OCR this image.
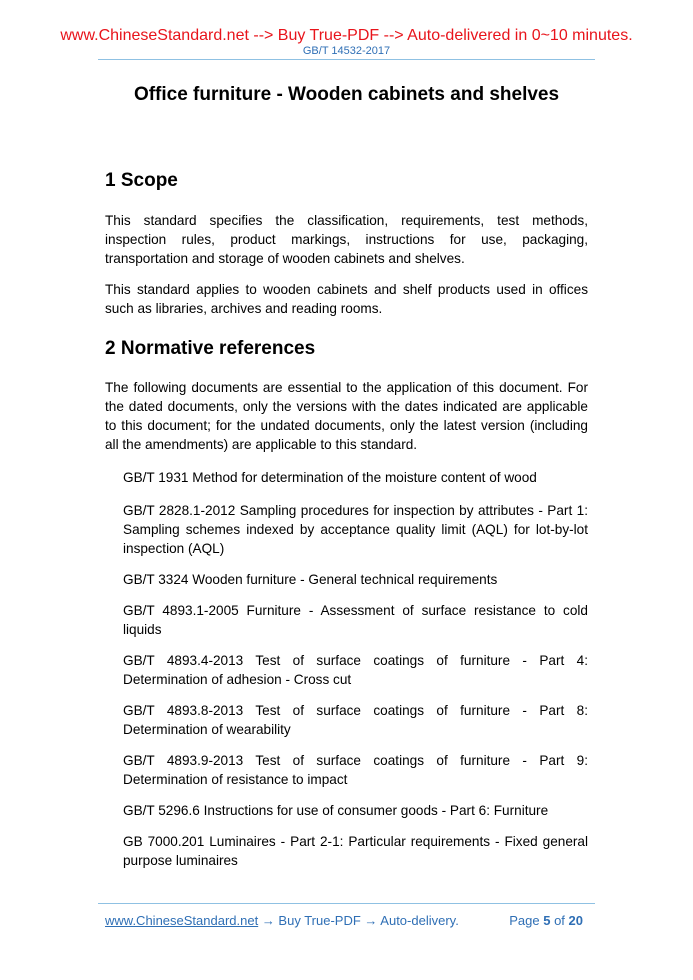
www.ChineseStandard.net --> Buy True-PDF --> Auto-delivered in 0~10 minutes.
GB/T 14532-2017
Office furniture - Wooden cabinets and shelves
1 Scope
This standard specifies the classification, requirements, test methods, inspection rules, product markings, instructions for use, packaging, transportation and storage of wooden cabinets and shelves.
This standard applies to wooden cabinets and shelf products used in offices such as libraries, archives and reading rooms.
2 Normative references
The following documents are essential to the application of this document. For the dated documents, only the versions with the dates indicated are applicable to this document; for the undated documents, only the latest version (including all the amendments) are applicable to this standard.
GB/T 1931 Method for determination of the moisture content of wood
GB/T 2828.1-2012 Sampling procedures for inspection by attributes - Part 1: Sampling schemes indexed by acceptance quality limit (AQL) for lot-by-lot inspection (AQL)
GB/T 3324 Wooden furniture - General technical requirements
GB/T 4893.1-2005 Furniture - Assessment of surface resistance to cold liquids
GB/T 4893.4-2013 Test of surface coatings of furniture - Part 4: Determination of adhesion - Cross cut
GB/T 4893.8-2013 Test of surface coatings of furniture - Part 8: Determination of wearability
GB/T 4893.9-2013 Test of surface coatings of furniture - Part 9: Determination of resistance to impact
GB/T 5296.6 Instructions for use of consumer goods - Part 6: Furniture
GB 7000.201 Luminaires - Part 2-1: Particular requirements - Fixed general purpose luminaires
www.ChineseStandard.net → Buy True-PDF → Auto-delivery.	Page 5 of 20
